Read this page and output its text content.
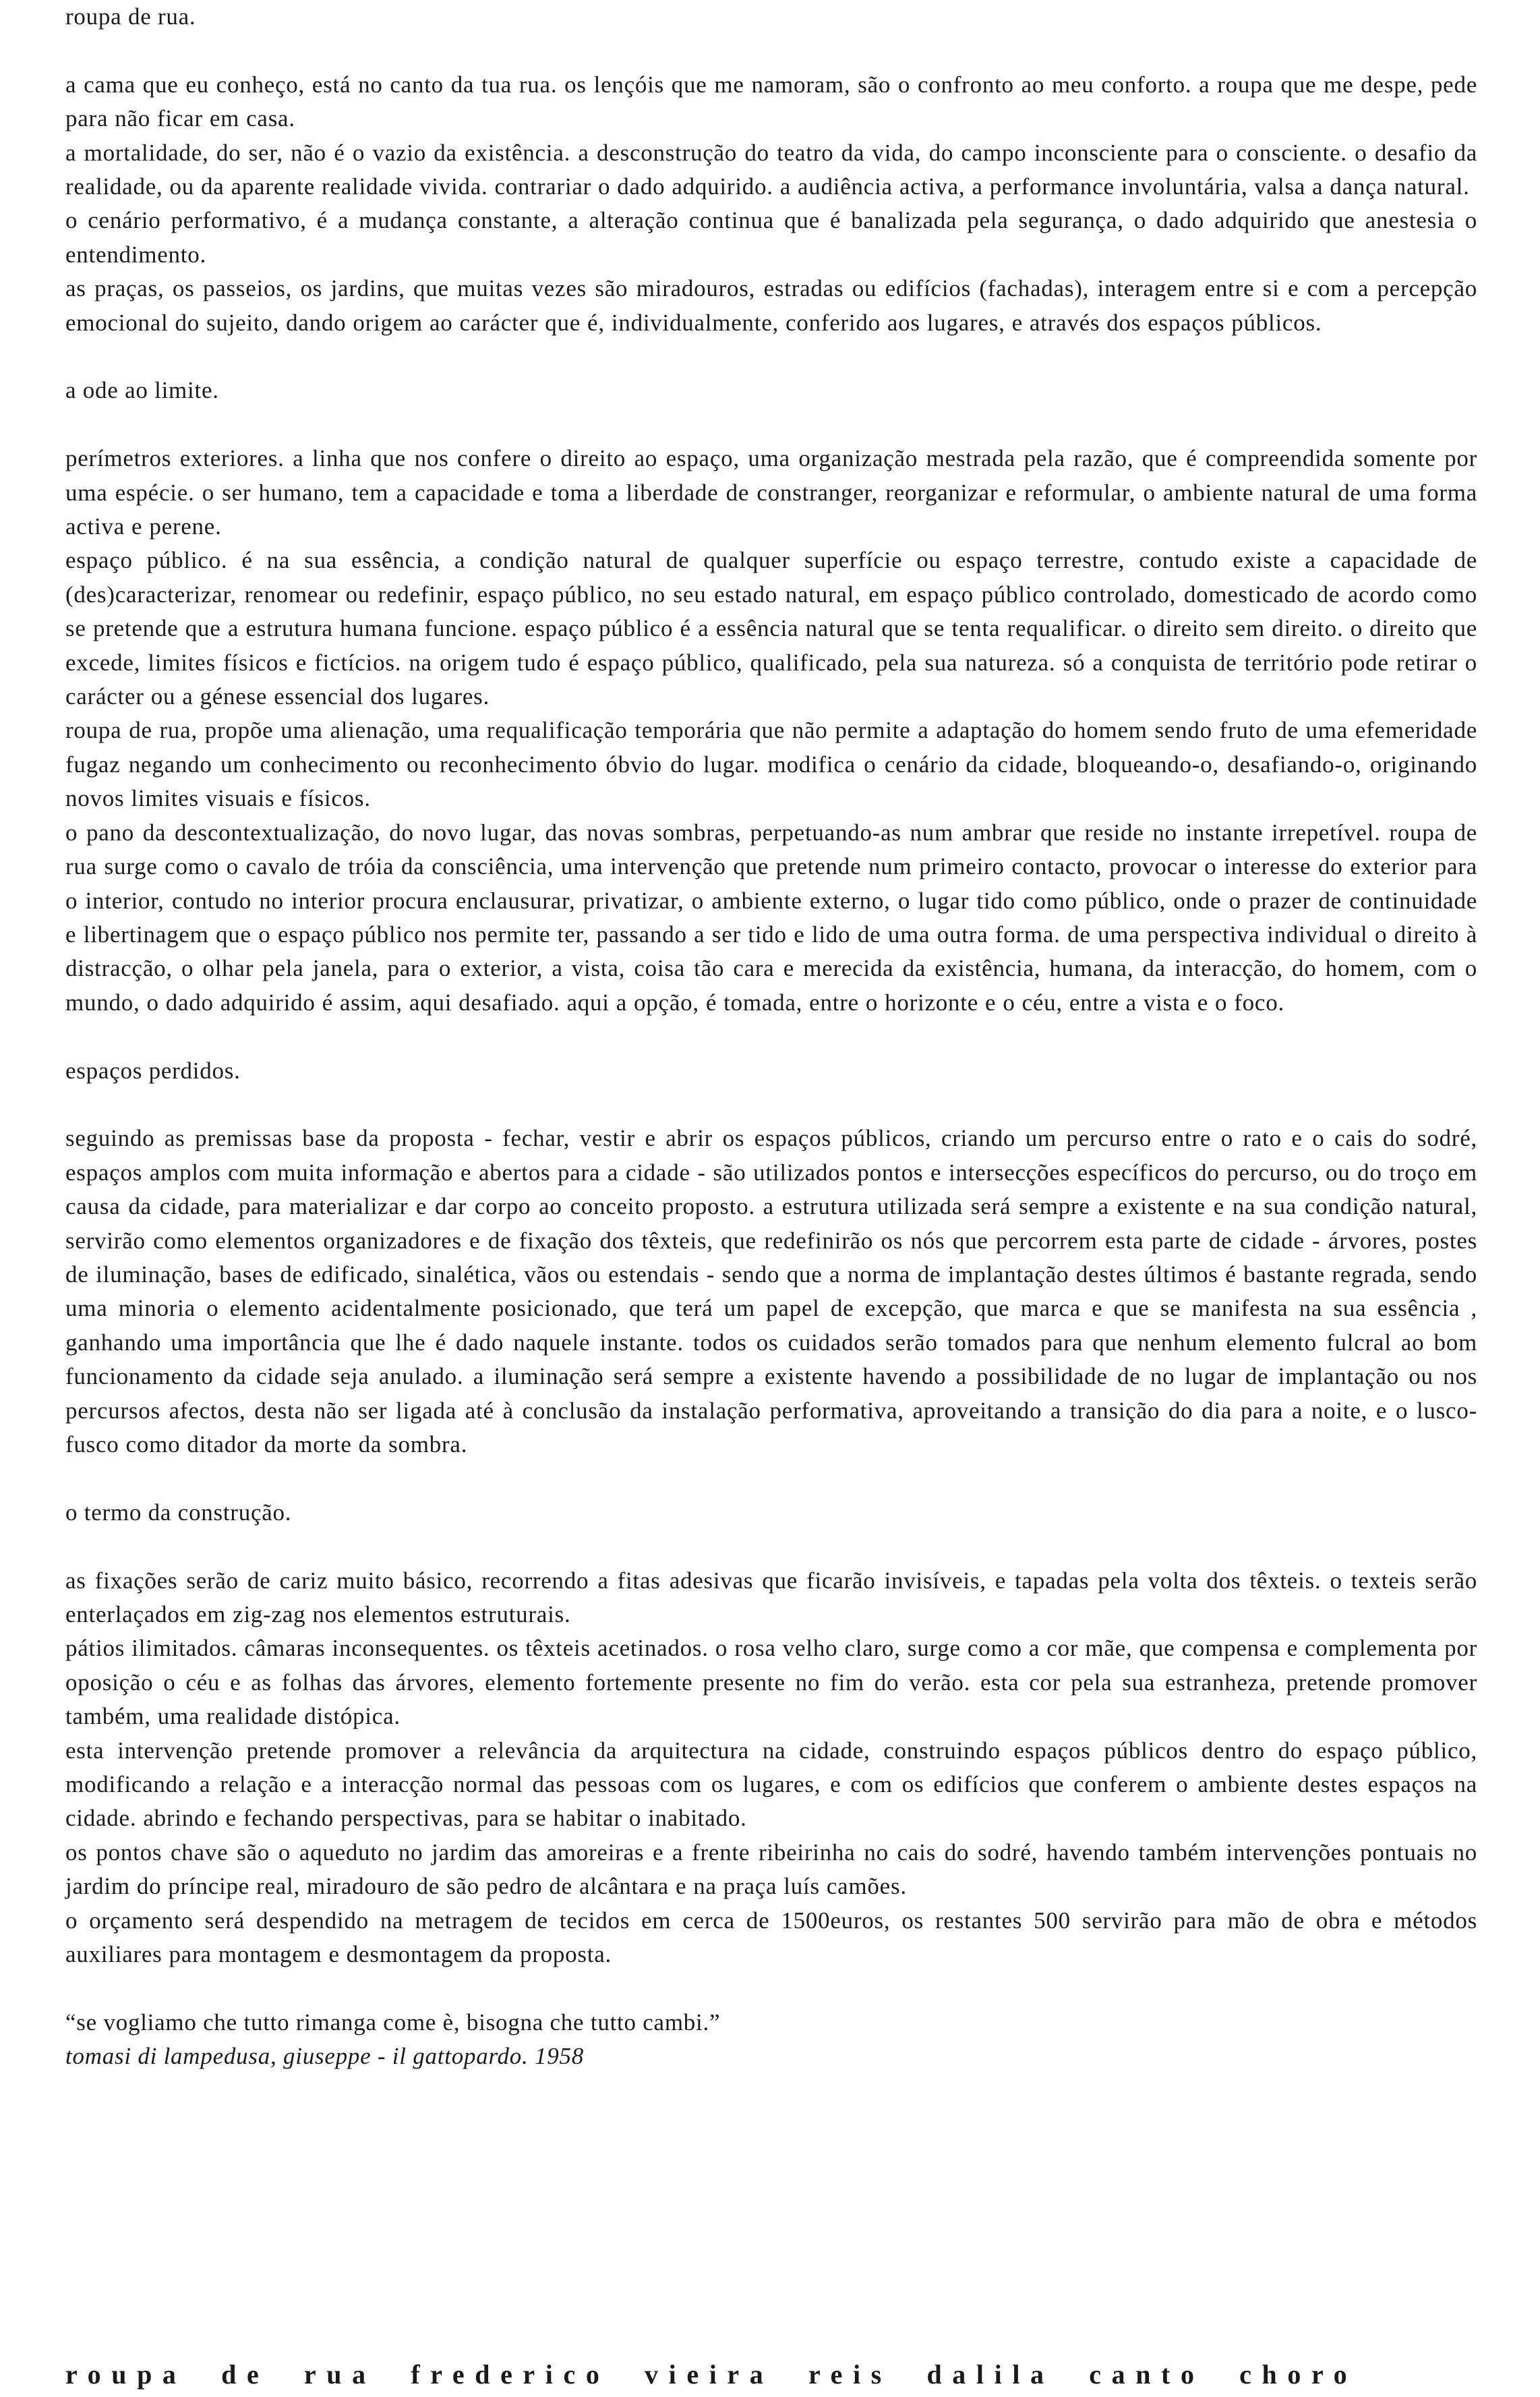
roupa de rua.

a cama que eu conheço, está no canto da tua rua. os lençóis que me namoram, são o confronto ao meu conforto. a roupa que me despe, pede para não ficar em casa.

a mortalidade, do ser, não é o vazio da existência. a desconstrução do teatro da vida, do campo inconsciente para o consciente. o desafio da realidade, ou da aparente realidade vivida. contrariar o dado adquirido. a audiência activa, a performance involuntária, valsa a dança natural.

o cenário performativo, é a mudança constante, a alteração continua que é banalizada pela segurança, o dado adquirido que anestesia o entendimento.

as praças, os passeios, os jardins, que muitas vezes são miradouros, estradas ou edifícios (fachadas), interagem entre si e com a percepção emocional do sujeito, dando origem ao carácter que é, individualmente, conferido aos lugares, e através dos espaços públicos.

a ode ao limite.

perímetros exteriores. a linha que nos confere o direito ao espaço, uma organização mestrada pela razão, que é compreendida somente por uma espécie. o ser humano, tem a capacidade e toma a liberdade de constranger, reorganizar e reformular, o ambiente natural de uma forma activa e perene.

espaço público. é na sua essência, a condição natural de qualquer superfície ou espaço terrestre, contudo existe a capacidade de (des)caracterizar, renomear ou redefinir, espaço público, no seu estado natural, em espaço público controlado, domesticado de acordo como se pretende que a estrutura humana funcione. espaço público é a essência natural que se tenta requalificar. o direito sem direito. o direito que excede, limites físicos e fictícios. na origem tudo é espaço público, qualificado, pela sua natureza. só a conquista de território pode retirar o carácter ou a génese essencial dos lugares.

roupa de rua, propõe uma alienação, uma requalificação temporária que não permite a adaptação do homem sendo fruto de uma efemeridade fugaz negando um conhecimento ou reconhecimento óbvio do lugar. modifica o cenário da cidade, bloqueando-o, desafiando-o, originando novos limites visuais e físicos.

o pano da descontextualização, do novo lugar, das novas sombras, perpetuando-as num ambrar que reside no instante irrepetível. roupa de rua surge como o cavalo de tróia da consciência, uma intervenção que pretende num primeiro contacto, provocar o interesse do exterior para o interior, contudo no interior procura enclausurar, privatizar, o ambiente externo, o lugar tido como público, onde o prazer de continuidade e libertinagem que o espaço público nos permite ter, passando a ser tido e lido de uma outra forma. de uma perspectiva individual o direito à distracção, o olhar pela janela, para o exterior, a vista, coisa tão cara e merecida da existência, humana, da interacção, do homem, com o mundo, o dado adquirido é assim, aqui desafiado. aqui a opção, é tomada, entre o horizonte e o céu, entre a vista e o foco.

espaços perdidos.

seguindo as premissas base da proposta - fechar, vestir e abrir os espaços públicos, criando um percurso entre o rato e o cais do sodré, espaços amplos com muita informação e abertos para a cidade - são utilizados pontos e intersecções específicos do percurso, ou do troço em causa da cidade, para materializar e dar corpo ao conceito proposto. a estrutura utilizada será sempre a existente e na sua condição natural, servirão como elementos organizadores e de fixação dos têxteis, que redefinirão os nós que percorrem esta parte de cidade - árvores, postes de iluminação, bases de edificado, sinalética, vãos ou estendais - sendo que a norma de implantação destes últimos é bastante regrada, sendo uma minoria o elemento acidentalmente posicionado, que terá um papel de excepção, que marca e que se manifesta na sua essência , ganhando uma importância que lhe é dado naquele instante. todos os cuidados serão tomados para que nenhum elemento fulcral ao bom funcionamento da cidade seja anulado. a iluminação será sempre a existente havendo a possibilidade de no lugar de implantação ou nos percursos afectos, desta não ser ligada até à conclusão da instalação performativa, aproveitando a transição do dia para a noite, e o lusco-fusco como ditador da morte da sombra.

o termo da construção.

as fixações serão de cariz muito básico, recorrendo a fitas adesivas que ficarão invisíveis, e tapadas pela volta dos têxteis. o texteis serão enterlaçados em zig-zag nos elementos estruturais.

pátios ilimitados. câmaras inconsequentes. os têxteis acetinados. o rosa velho claro, surge como a cor mãe, que compensa e complementa por oposição o céu e as folhas das árvores, elemento fortemente presente no fim do verão. esta cor pela sua estranheza, pretende promover também, uma realidade distópica.

esta intervenção pretende promover a relevância da arquitectura na cidade, construindo espaços públicos dentro do espaço público, modificando a relação e a interacção normal das pessoas com os lugares, e com os edifícios que conferem o ambiente destes espaços na cidade. abrindo e fechando perspectivas, para se habitar o inabitado.

os pontos chave são o aqueduto no jardim das amoreiras e a frente ribeirinha no cais do sodré, havendo também intervenções pontuais no jardim do príncipe real, miradouro de são pedro de alcântara e na praça luís camões.

o orçamento será despendido na metragem de tecidos em cerca de 1500euros, os restantes 500 servirão para mão de obra e métodos auxiliares para montagem e desmontagem da proposta.

“se vogliamo che tutto rimanga come è, bisogna che tutto cambi.”

tomasi di lampedusa, giuseppe - il gattopardo. 1958

roupa de rua frederico vieira reis dalila canto choro
